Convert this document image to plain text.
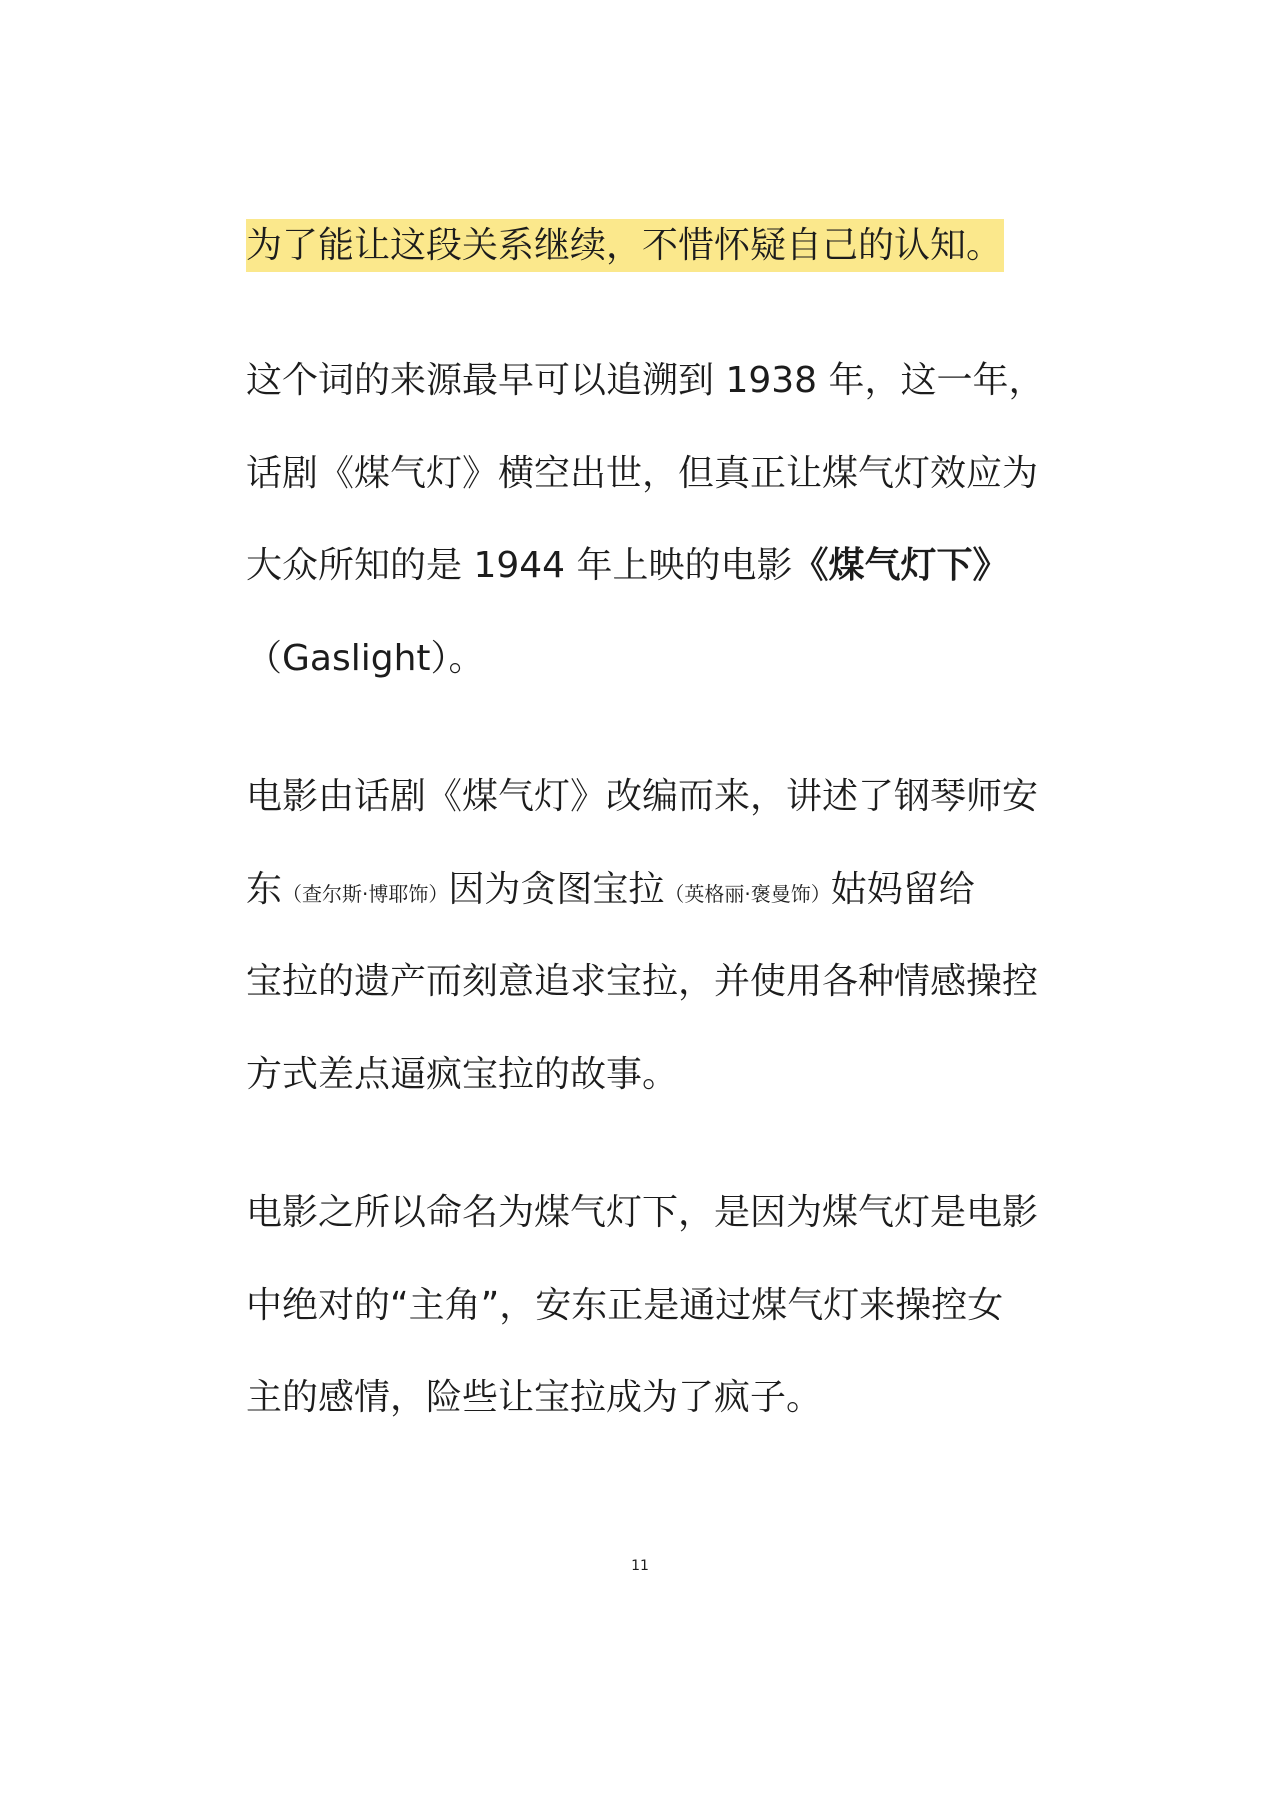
为了能让这段关系继续，不惜怀疑自己的认知。
这个词的来源最早可以追溯到 1938 年，这一年，
话剧《煤气灯》横空出世，但真正让煤气灯效应为
大众所知的是 1944 年上映的电影《煤气灯下》
（Gaslight）。
电影由话剧《煤气灯》改编而来，讲述了钢琴师安
东（查尔斯·博耶饰）因为贪图宝拉（英格丽·褒曼饰）姑妈留给
宝拉的遗产而刻意追求宝拉，并使用各种情感操控
方式差点逼疯宝拉的故事。
电影之所以命名为煤气灯下，是因为煤气灯是电影
中绝对的“主角”，安东正是通过煤气灯来操控女
主的感情，险些让宝拉成为了疯子。
11
